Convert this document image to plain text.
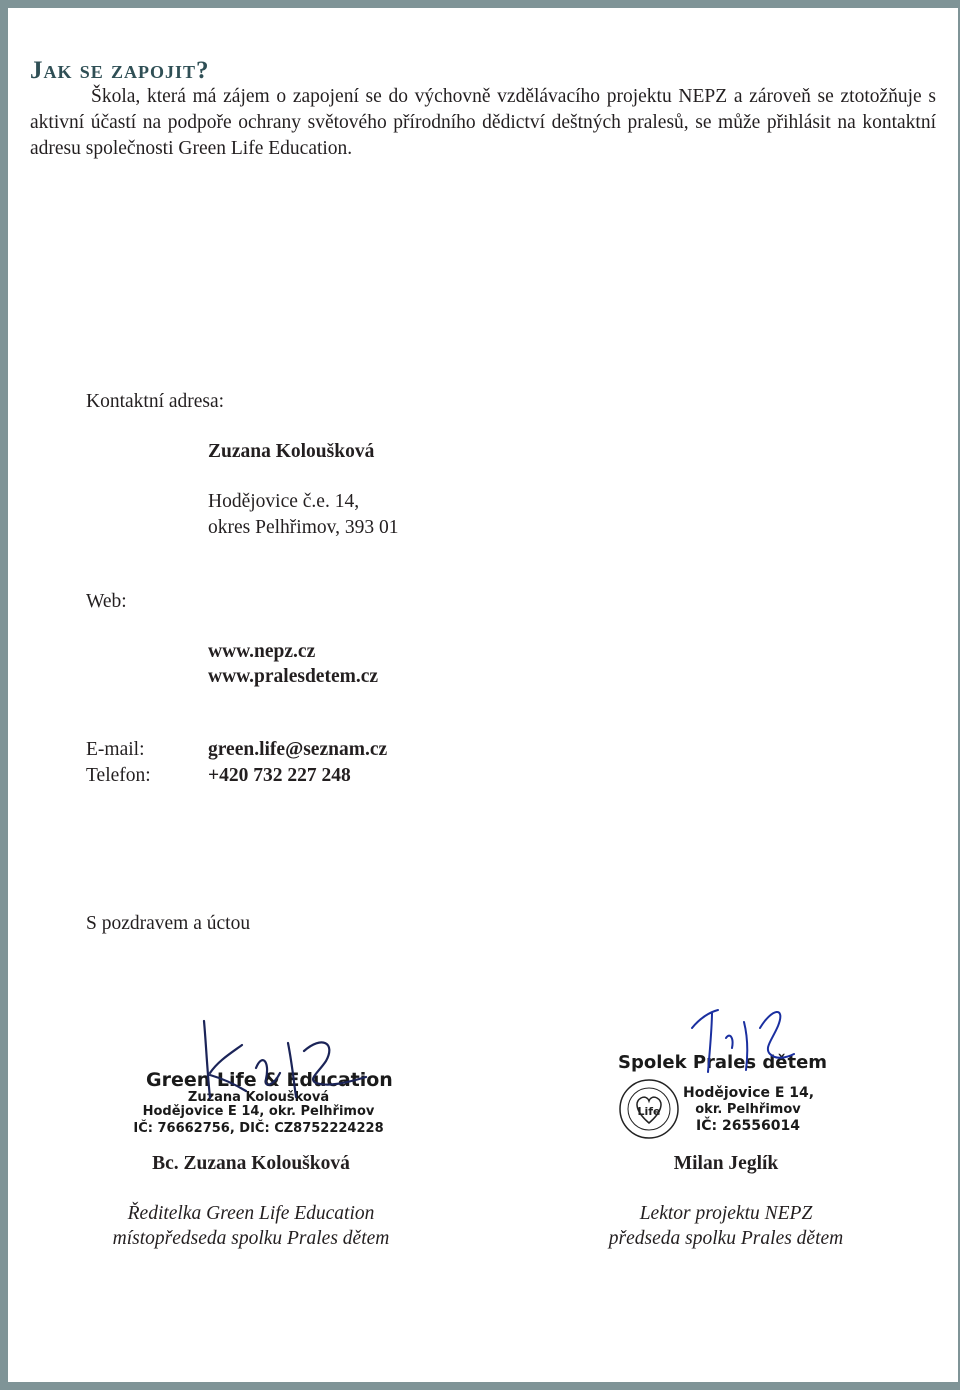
Jak se zapojit?
Škola, která má zájem o zapojení se do výchovně vzdělávacího projektu NEPZ a zároveň se ztotožňuje s aktivní účastí na podpoře ochrany světového přírodního dědictví deštných pralesů, se může přihlásit na kontaktní adresu společnosti Green Life Education.
Kontaktní adresa:
Zuzana Koloušková
Hodějovice č.e. 14,
okres Pelhřimov, 393 01
Web:
www.nepz.cz
www.pralesdetem.cz
E-mail:	green.life@seznam.cz
Telefon:	+420 732 227 248
S pozdravem a úctou
Green Life & Education
Zuzana Koloušková
Hodějovice E 14, okr. Pelhřimov
IČ: 76662756, DIČ: CZ8752224228
Spolek Prales dětem
Life
Hodějovice E 14,
okr. Pelhřimov
IČ: 26556014
Bc. Zuzana Koloušková
Ředitelka Green Life Education
místopředseda spolku Prales dětem
Milan Jeglík
Lektor projektu NEPZ
předseda spolku Prales dětem
